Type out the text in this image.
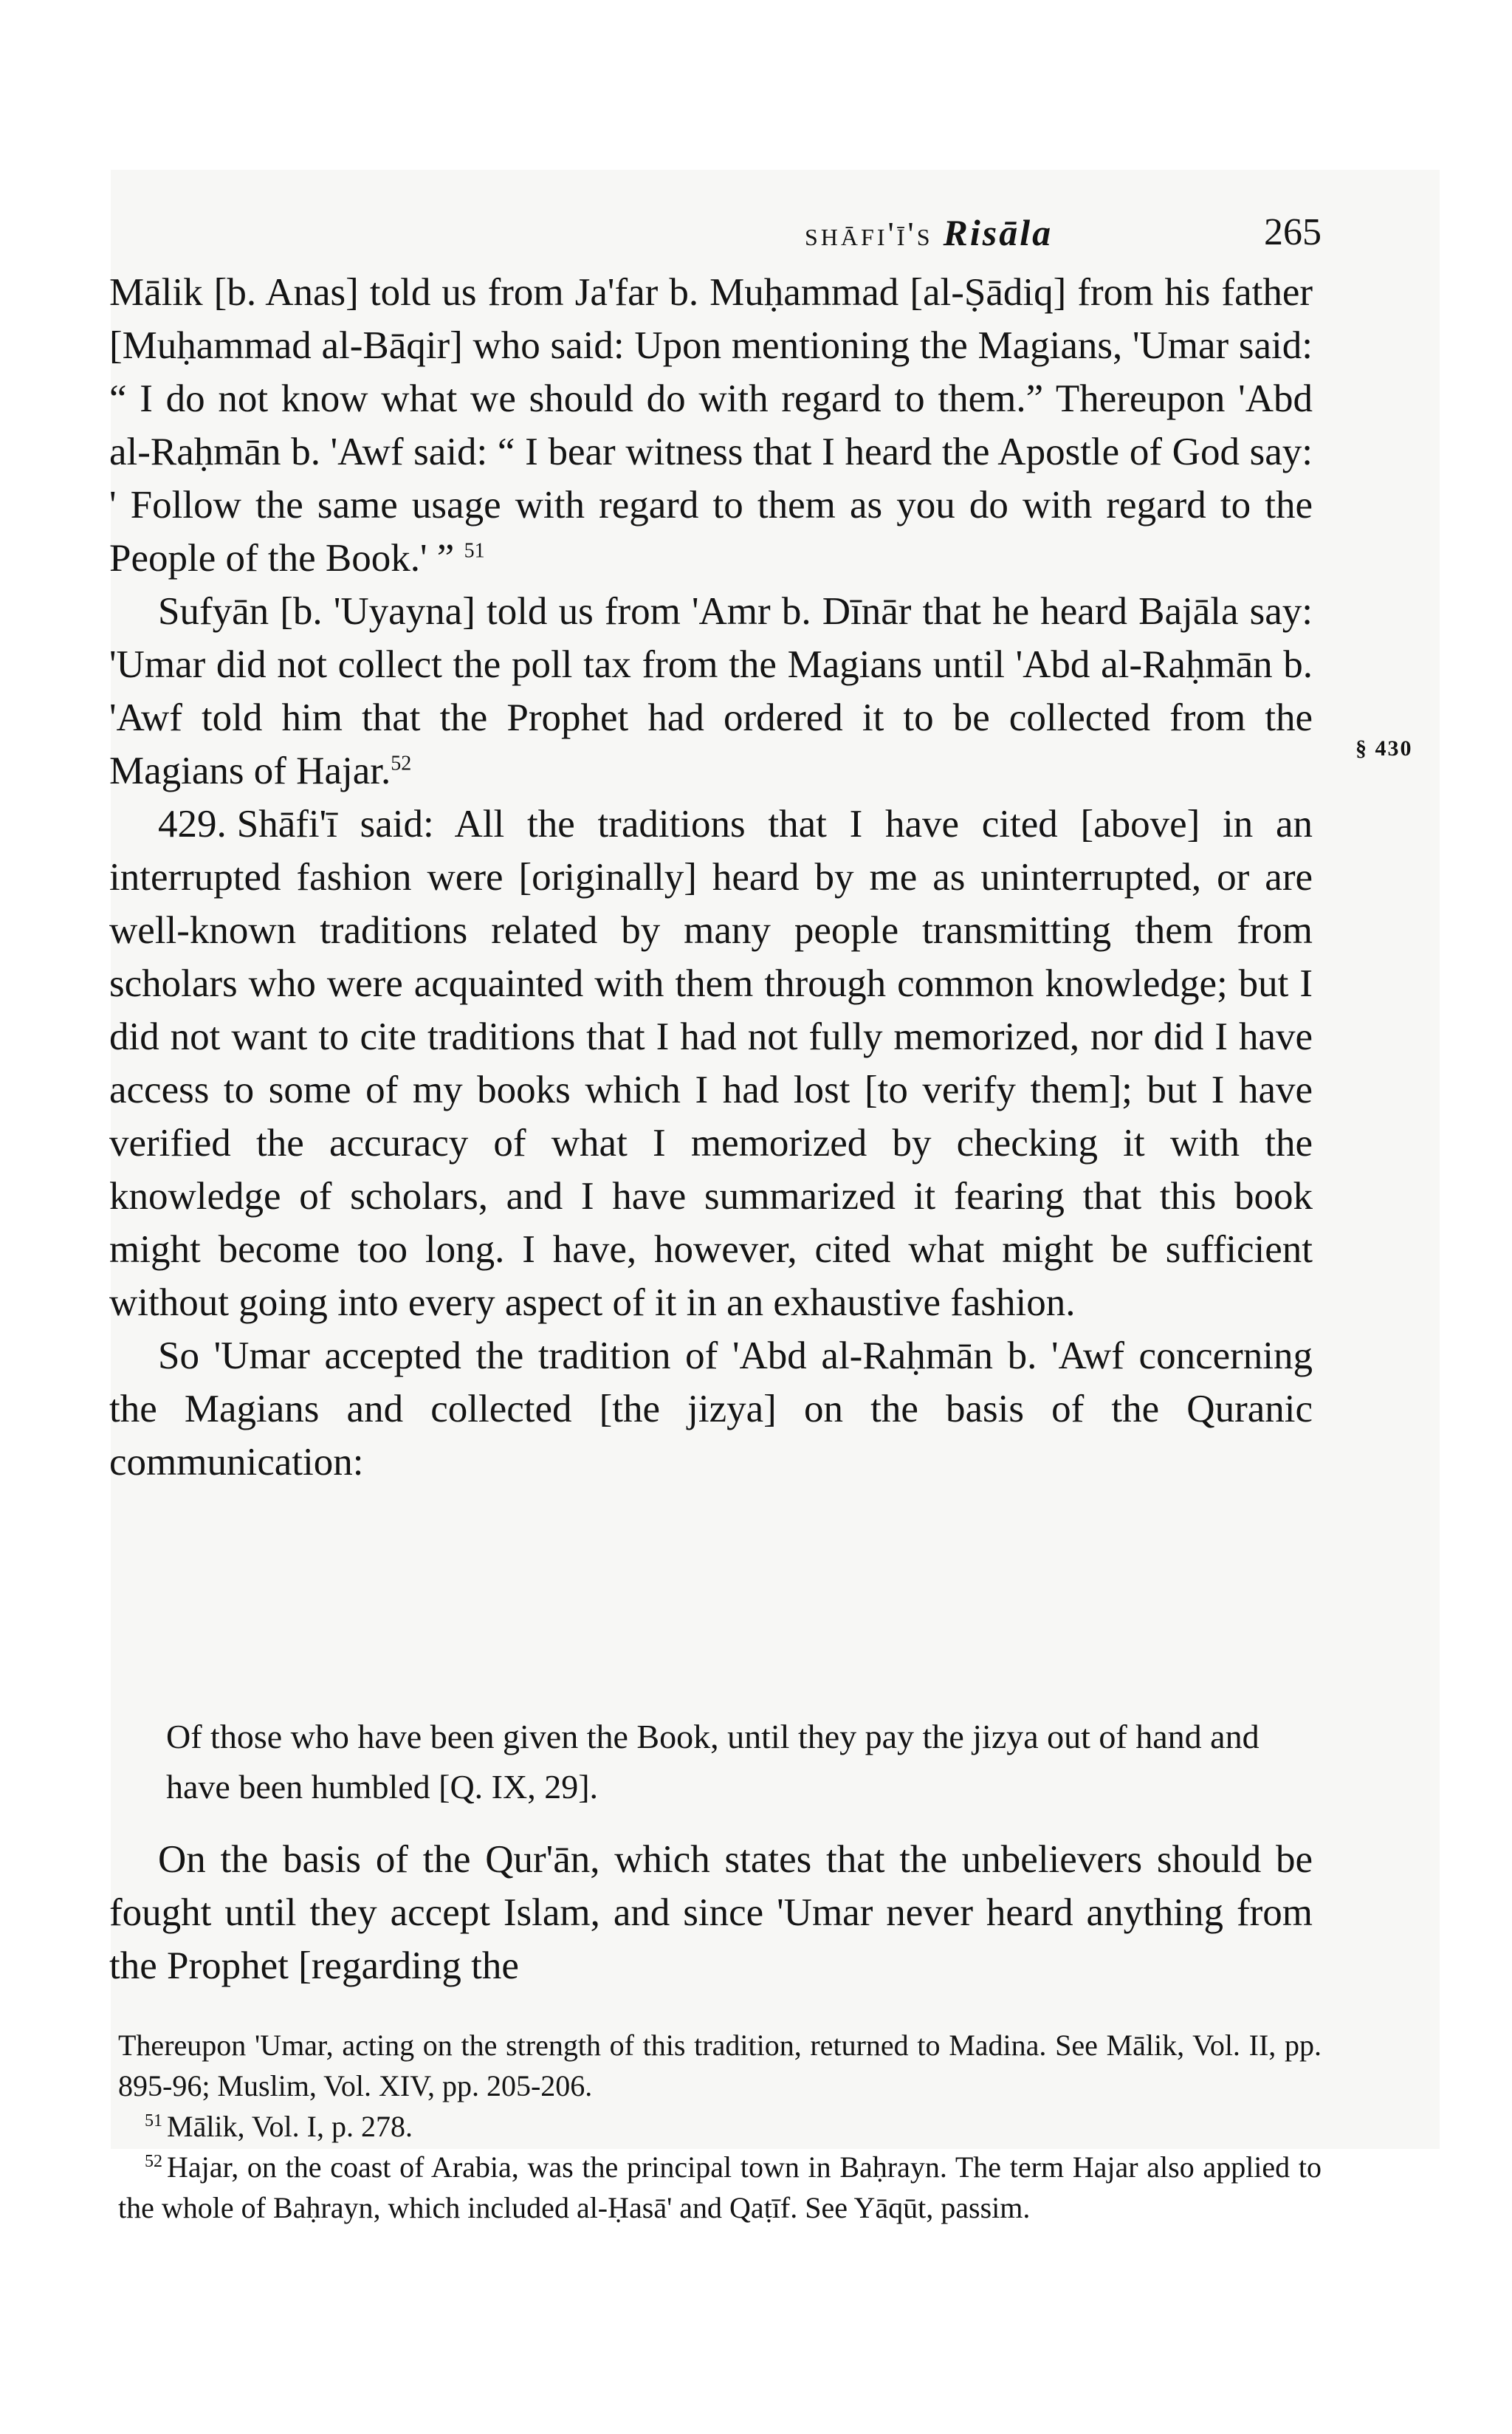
shāfi'ī's Risāla	265

Mālik [b. Anas] told us from Ja'far b. Muḥammad [al-Ṣādiq] from his father [Muḥammad al-Bāqir] who said: Upon mentioning the Magians, 'Umar said: “ I do not know what we should do with regard to them.” Thereupon 'Abd al-Raḥmān b. 'Awf said: “ I bear witness that I heard the Apostle of God say: ' Follow the same usage with regard to them as you do with regard to the People of the Book.' ” $^{51}$

Sufyān [b. 'Uyayna] told us from 'Amr b. Dīnār that he heard Bajāla say: 'Umar did not collect the poll tax from the Magians until 'Abd al-Raḥmān b. 'Awf told him that the Prophet had ordered it to be collected from the Magians of Hajar.$^{52}$

429. Shāfi'ī said: All the traditions that I have cited [above] in an interrupted fashion were [originally] heard by me as uninterrupted, or are well-known traditions related by many people transmitting them from scholars who were acquainted with them through common knowledge; but I did not want to cite traditions that I had not fully memorized, nor did I have access to some of my books which I had lost [to verify them]; but I have verified the accuracy of what I memorized by checking it with the knowledge of scholars, and I have summarized it fearing that this book might become too long. I have, however, cited what might be sufficient without going into every aspect of it in an exhaustive fashion.

So 'Umar accepted the tradition of 'Abd al-Raḥmān b. 'Awf concerning the Magians and collected [the jizya] on the basis of the Quranic communication:

§ 430

Of those who have been given the Book, until they pay the jizya out of hand and have been humbled [Q. IX, 29].

On the basis of the Qur'ān, which states that the unbelievers should be fought until they accept Islam, and since 'Umar never heard anything from the Prophet [regarding the

Thereupon 'Umar, acting on the strength of this tradition, returned to Madina. See Mālik, Vol. II, pp. 895-96; Muslim, Vol. XIV, pp. 205-206.

$^{51}$ Mālik, Vol. I, p. 278.

$^{52}$ Hajar, on the coast of Arabia, was the principal town in Baḥrayn. The term Hajar also applied to the whole of Baḥrayn, which included al-Ḥasā' and Qaṭīf. See Yāqūt, passim.
